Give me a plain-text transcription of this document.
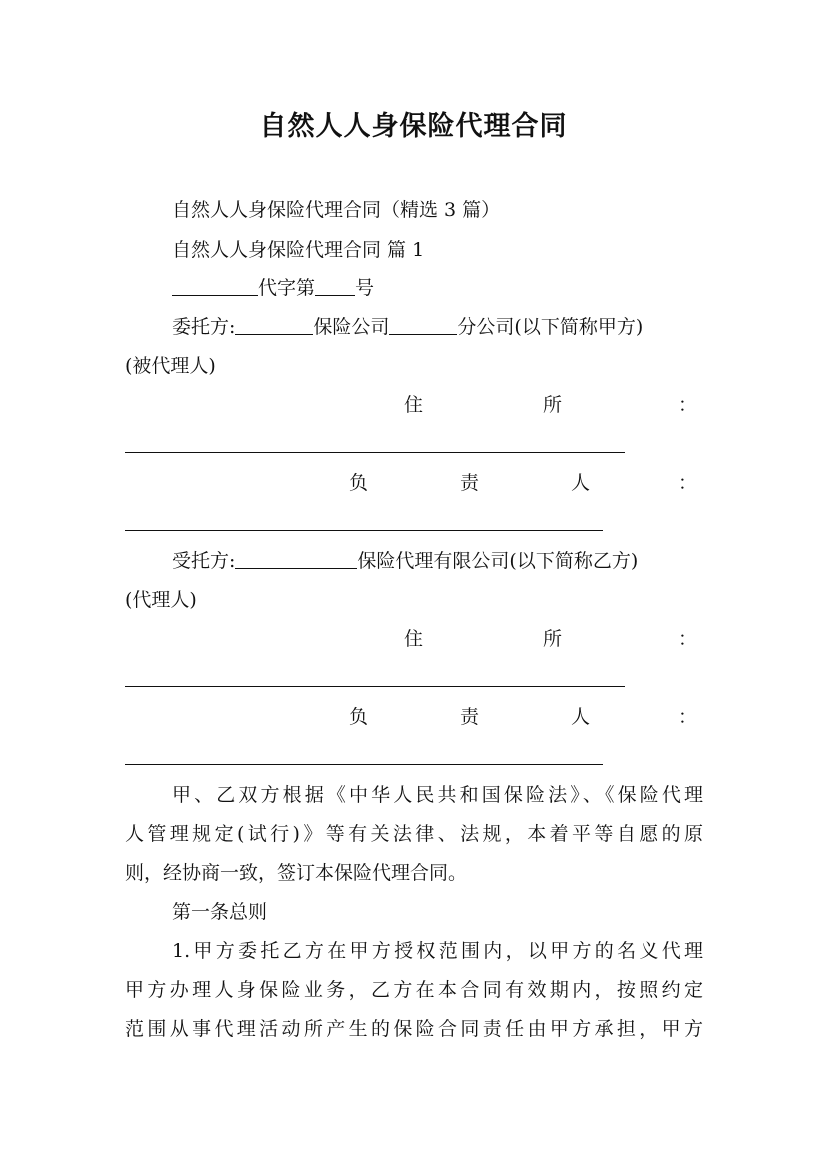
自然人人身保险代理合同
自然人人身保险代理合同（精选 3 篇）
自然人人身保险代理合同 篇 1
代字第 号
委托方:	保险公司	分公司(以下简称甲方)
(被代理人)
住	所	：
负	责	人	：
受托方:	保险代理有限公司(以下简称乙方)
(代理人)
住	所	：
负	责	人	：
甲、乙双方根据《中华人民共和国保险法》、《保险代理
人管理规定(试行)》等有关法律、法规，本着平等自愿的原
则，经协商一致，签订本保险代理合同。
第一条总则
1.甲方委托乙方在甲方授权范围内，以甲方的名义代理
甲方办理人身保险业务，乙方在本合同有效期内，按照约定
范围从事代理活动所产生的保险合同责任由甲方承担，甲方
